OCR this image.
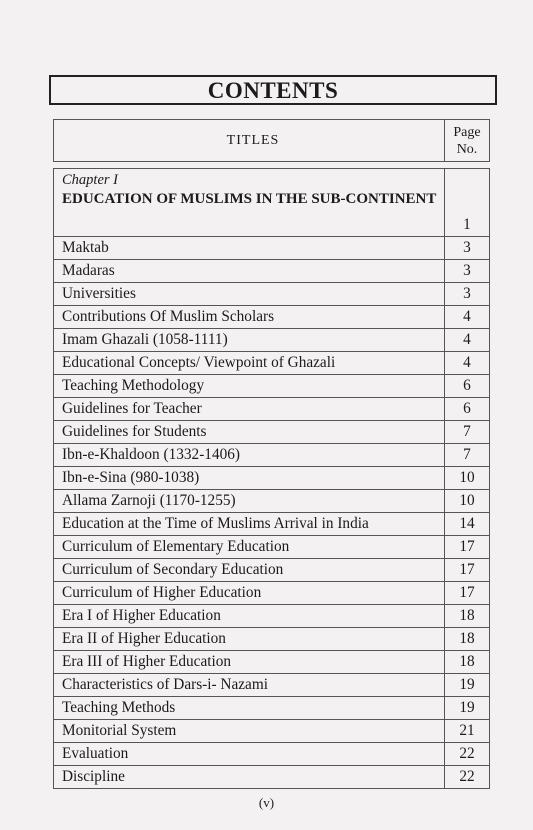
CONTENTS
TITLES	Page
No.

Chapter I
EDUCATION OF MUSLIMS IN THE SUB-CONTINENT	1
Maktab	3
Madaras	3
Universities	3
Contributions Of Muslim Scholars	4
Imam Ghazali (1058-1111)	4
Educational Concepts/ Viewpoint of Ghazali	4
Teaching Methodology	6
Guidelines for Teacher	6
Guidelines for Students	7
Ibn-e-Khaldoon (1332-1406)	7
Ibn-e-Sina (980-1038)	10
Allama Zarnoji (1170-1255)	10
Education at the Time of Muslims Arrival in India	14
Curriculum of Elementary Education	17
Curriculum of Secondary Education	17
Curriculum of Higher Education	17
Era I of Higher Education	18
Era II of Higher Education	18
Era III of Higher Education	18
Characteristics of Dars-i- Nazami	19
Teaching Methods	19
Monitorial System	21
Evaluation	22
Discipline	22
(v)
